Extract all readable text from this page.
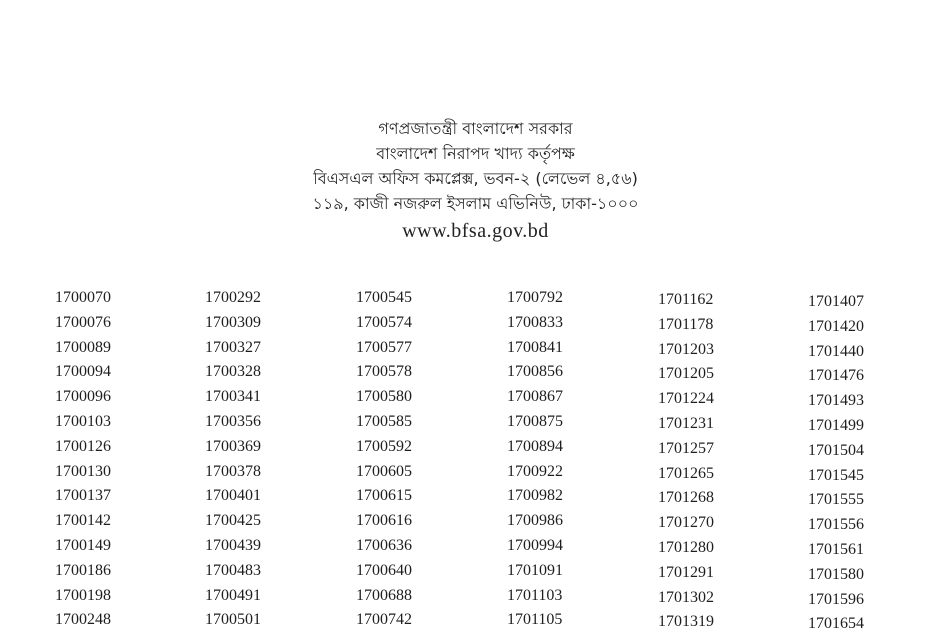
গণপ্রজাতন্ত্রী বাংলাদেশ সরকার
বাংলাদেশ নিরাপদ খাদ্য কর্তৃপক্ষ
বিএসএল অফিস কমপ্লেক্স, ভবন-২ (লেভেল ৪,৫৬)
১১৯, কাজী নজরুল ইসলাম এভিনিউ, ঢাকা-১০০০
www.bfsa.gov.bd
1700070
1700076
1700089
1700094
1700096
1700103
1700126
1700130
1700137
1700142
1700149
1700186
1700198
1700248
1700292
1700309
1700327
1700328
1700341
1700356
1700369
1700378
1700401
1700425
1700439
1700483
1700491
1700501
1700545
1700574
1700577
1700578
1700580
1700585
1700592
1700605
1700615
1700616
1700636
1700640
1700688
1700742
1700792
1700833
1700841
1700856
1700867
1700875
1700894
1700922
1700982
1700986
1700994
1701091
1701103
1701105
1701162
1701178
1701203
1701205
1701224
1701231
1701257
1701265
1701268
1701270
1701280
1701291
1701302
1701319
1701407
1701420
1701440
1701476
1701493
1701499
1701504
1701545
1701555
1701556
1701561
1701580
1701596
1701654
